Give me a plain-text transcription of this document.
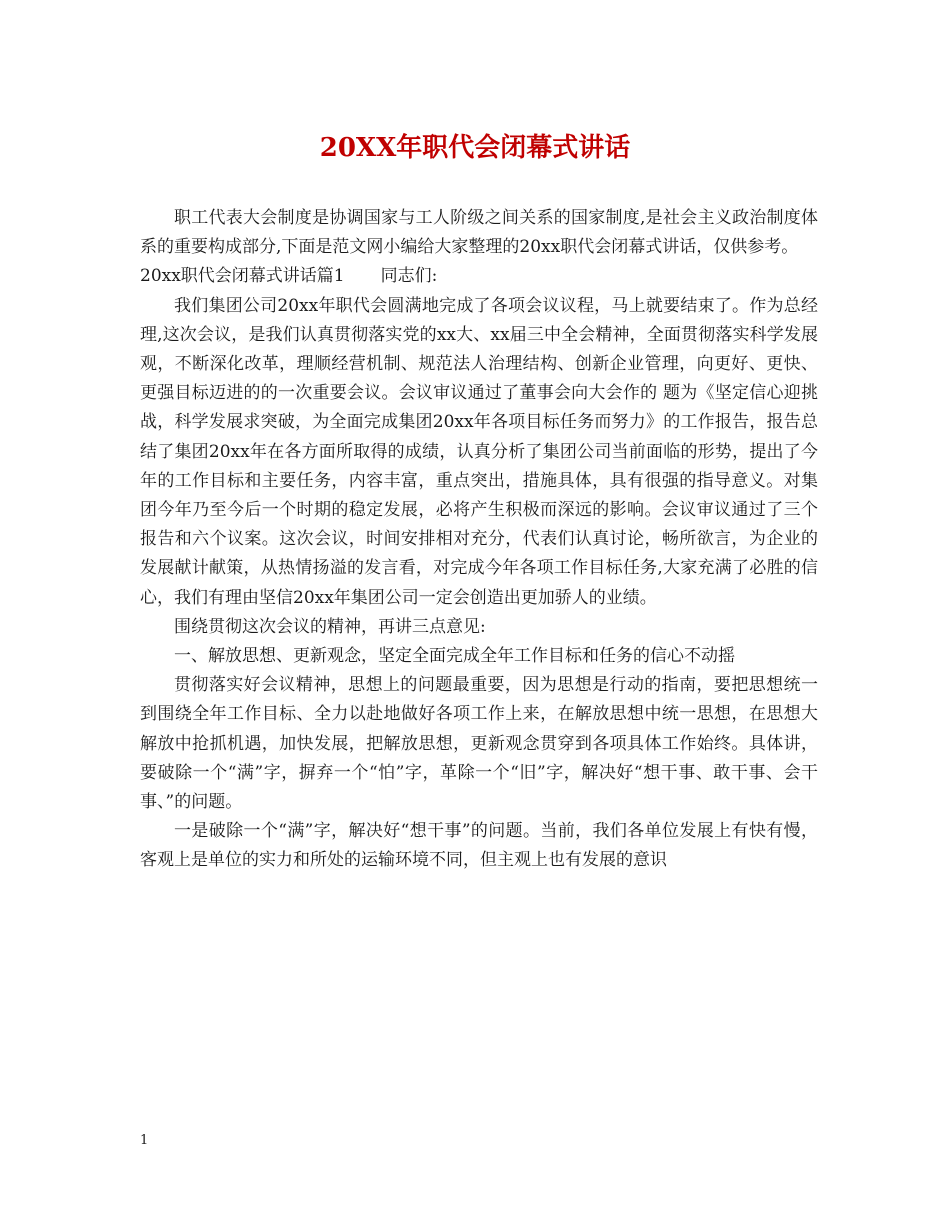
20XX年职代会闭幕式讲话

职工代表大会制度是协调国家与工人阶级之间关系的国家制度,是社会主义政治制度体系的重要构成部分,下面是范文网小编给大家整理的20xx职代会闭幕式讲话，仅供参考。

20xx职代会闭幕式讲话篇1 同志们:

我们集团公司20xx年职代会圆满地完成了各项会议议程，马上就要结束了。作为总经理,这次会议，是我们认真贯彻落实党的xx大、xx届三中全会精神，全面贯彻落实科学发展观，不断深化改革，理顺经营机制、规范法人治理结构、创新企业管理，向更好、更快、更强目标迈进的的一次重要会议。会议审议通过了董事会向大会作的 题为《坚定信心迎挑战，科学发展求突破，为全面完成集团20xx年各项目标任务而努力》的工作报告，报告总结了集团20xx年在各方面所取得的成绩，认真分析了集团公司当前面临的形势，提出了今年的工作目标和主要任务，内容丰富，重点突出，措施具体，具有很强的指导意义。对集团今年乃至今后一个时期的稳定发展，必将产生积极而深远的影响。会议审议通过了三个报告和六个议案。这次会议，时间安排相对充分，代表们认真讨论，畅所欲言，为企业的发展献计献策，从热情扬溢的发言看，对完成今年各项工作目标任务,大家充满了必胜的信心，我们有理由坚信20xx年集团公司一定会创造出更加骄人的业绩。

围绕贯彻这次会议的精神，再讲三点意见:

一、解放思想、更新观念，坚定全面完成全年工作目标和任务的信心不动摇

贯彻落实好会议精神，思想上的问题最重要，因为思想是行动的指南，要把思想统一到围绕全年工作目标、全力以赴地做好各项工作上来，在解放思想中统一思想，在思想大解放中抢抓机遇，加快发展，把解放思想，更新观念贯穿到各项具体工作始终。具体讲，要破除一个“满”字，摒弃一个“怕”字，革除一个“旧”字，解决好“想干事、敢干事、会干事、”的问题。

一是破除一个“满”字，解决好“想干事”的问题。当前，我们各单位发展上有快有慢，客观上是单位的实力和所处的运输环境不同，但主观上也有发展的意识

1
